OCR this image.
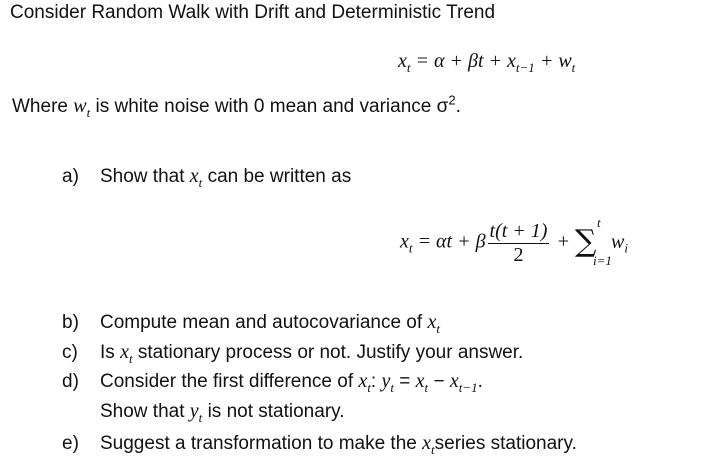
Consider Random Walk with Drift and Deterministic Trend
$x_t = \alpha + \beta t + x_{t-1} + w_t$
Where $w_t$ is white noise with 0 mean and variance $\sigma^2$.
a) Show that $x_t$ can be written as
$x_t = \alpha t + \beta \frac{t(t + 1)}{2}$ + ∑
t
i=1
$w_i$
b) Compute mean and autocovariance of $x_t$
c) Is $x_t$ stationary process or not. Justify your answer.
d) Consider the first difference of $x_t$: $y_t = x_t - x_{t-1}$.
Show that $y_t$ is not stationary.
e) Suggest a transformation to make the $x_tseries$ stationary.
